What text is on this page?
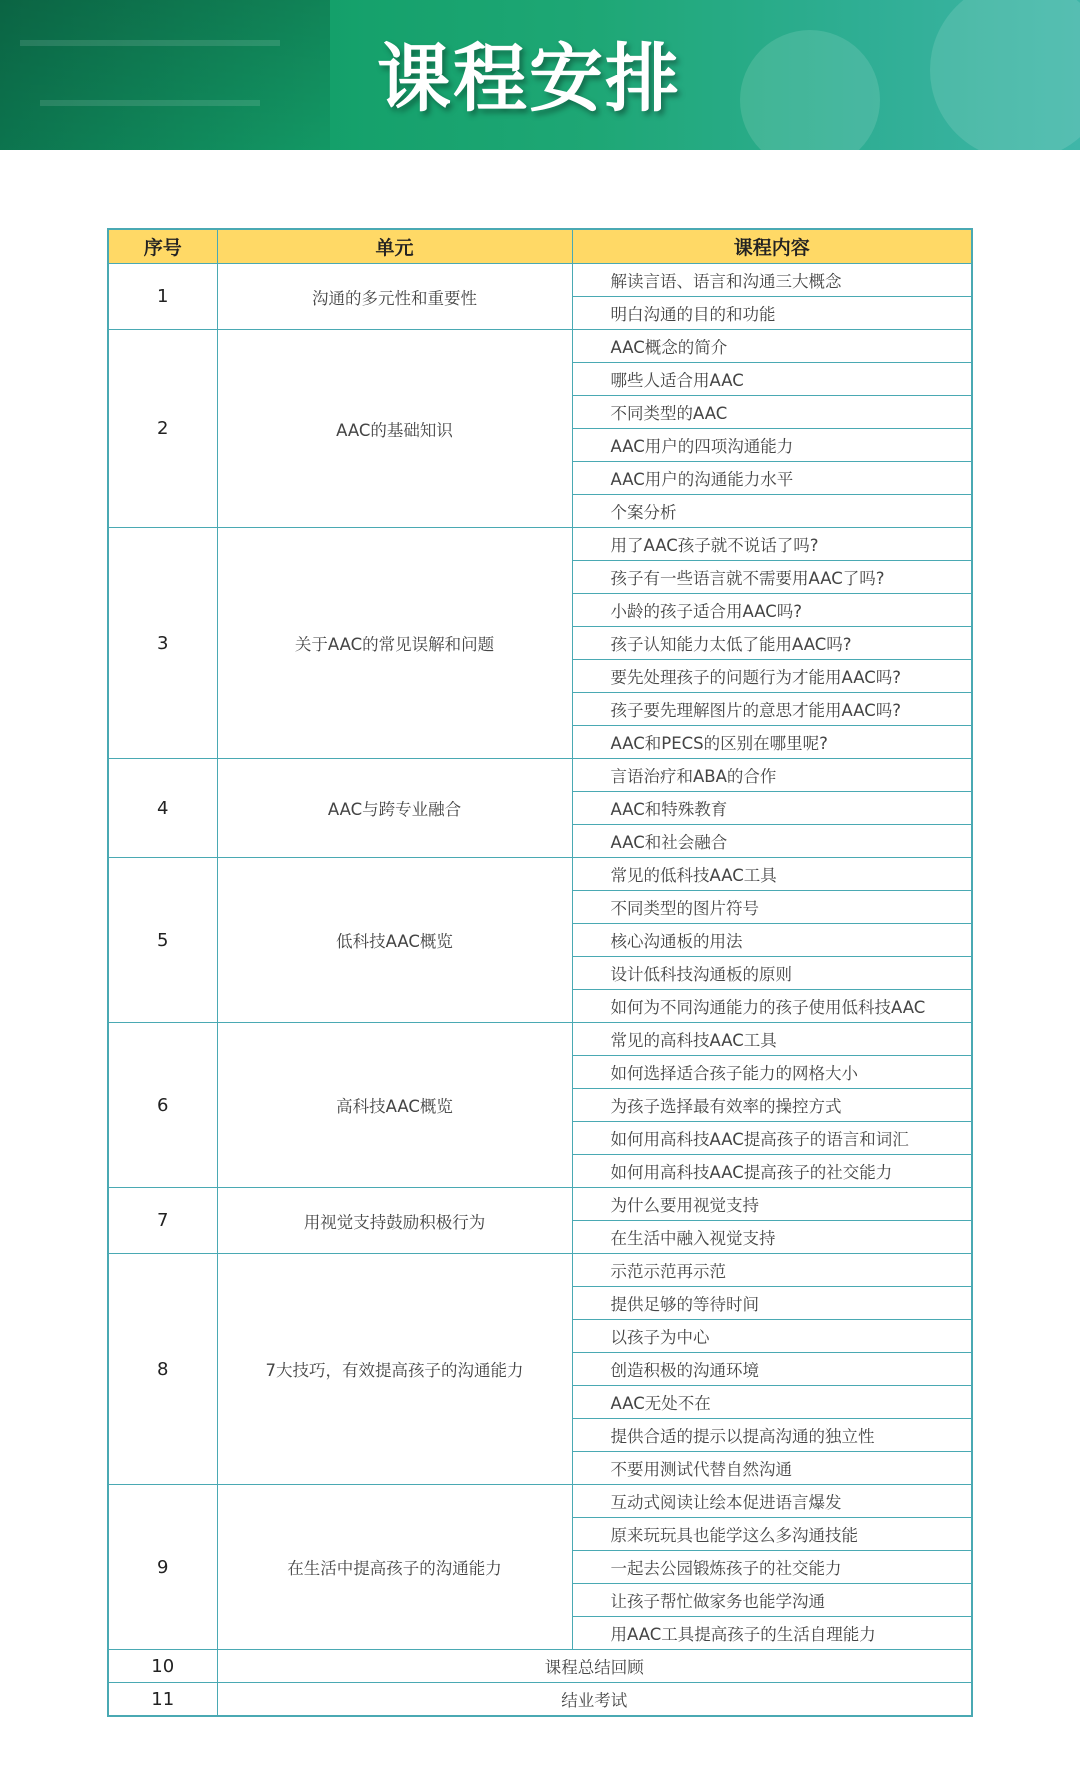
课程安排
序号	单元	课程内容
1	沟通的多元性和重要性	解读言语、语言和沟通三大概念
		明白沟通的目的和功能
2	AAC的基础知识	AAC概念的简介
		哪些人适合用AAC
		不同类型的AAC
		AAC用户的四项沟通能力
		AAC用户的沟通能力水平
		个案分析
3	关于AAC的常见误解和问题	用了AAC孩子就不说话了吗?
		孩子有一些语言就不需要用AAC了吗?
		小龄的孩子适合用AAC吗?
		孩子认知能力太低了能用AAC吗?
		要先处理孩子的问题行为才能用AAC吗?
		孩子要先理解图片的意思才能用AAC吗?
		AAC和PECS的区别在哪里呢?
4	AAC与跨专业融合	言语治疗和ABA的合作
		AAC和特殊教育
		AAC和社会融合
5	低科技AAC概览	常见的低科技AAC工具
		不同类型的图片符号
		核心沟通板的用法
		设计低科技沟通板的原则
		如何为不同沟通能力的孩子使用低科技AAC
6	高科技AAC概览	常见的高科技AAC工具
		如何选择适合孩子能力的网格大小
		为孩子选择最有效率的操控方式
		如何用高科技AAC提高孩子的语言和词汇
		如何用高科技AAC提高孩子的社交能力
7	用视觉支持鼓励积极行为	为什么要用视觉支持
		在生活中融入视觉支持
8	7大技巧，有效提高孩子的沟通能力	示范示范再示范
		提供足够的等待时间
		以孩子为中心
		创造积极的沟通环境
		AAC无处不在
		提供合适的提示以提高沟通的独立性
		不要用测试代替自然沟通
9	在生活中提高孩子的沟通能力	互动式阅读让绘本促进语言爆发
		原来玩玩具也能学这么多沟通技能
		一起去公园锻炼孩子的社交能力
		让孩子帮忙做家务也能学沟通
		用AAC工具提高孩子的生活自理能力
10	课程总结回顾	
11	结业考试	
